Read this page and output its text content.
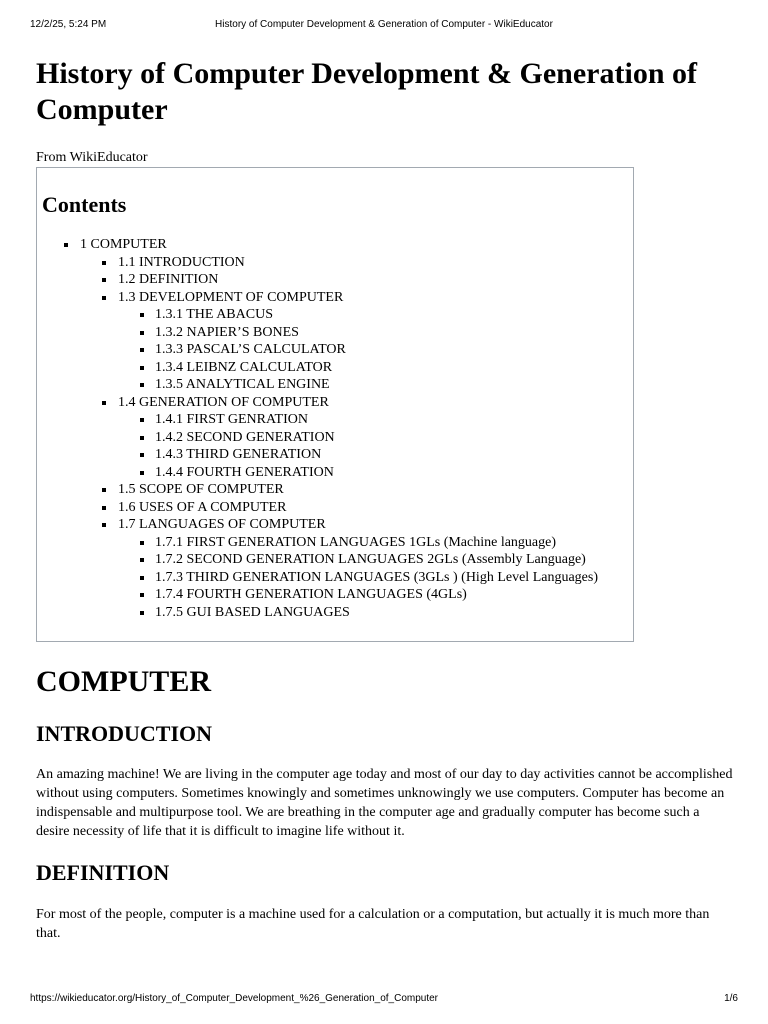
12/2/25, 5:24 PM	History of Computer Development & Generation of Computer - WikiEducator
History of Computer Development & Generation of Computer

From WikiEducator

Contents
1 COMPUTER
1.1 INTRODUCTION
1.2 DEFINITION
1.3 DEVELOPMENT OF COMPUTER
1.3.1 THE ABACUS
1.3.2 NAPIER’S BONES
1.3.3 PASCAL’S CALCULATOR
1.3.4 LEIBNZ CALCULATOR
1.3.5 ANALYTICAL ENGINE
1.4 GENERATION OF COMPUTER
1.4.1 FIRST GENRATION
1.4.2 SECOND GENERATION
1.4.3 THIRD GENERATION
1.4.4 FOURTH GENERATION
1.5 SCOPE OF COMPUTER
1.6 USES OF A COMPUTER
1.7 LANGUAGES OF COMPUTER
1.7.1 FIRST GENERATION LANGUAGES 1GLs (Machine language)
1.7.2 SECOND GENERATION LANGUAGES 2GLs (Assembly Language)
1.7.3 THIRD GENERATION LANGUAGES (3GLs ) (High Level Languages)
1.7.4 FOURTH GENERATION LANGUAGES (4GLs)
1.7.5 GUI BASED LANGUAGES
COMPUTER
INTRODUCTION

An amazing machine! We are living in the computer age today and most of our day to day activities cannot be accomplished without using computers. Sometimes knowingly and sometimes unknowingly we use computers. Computer has become an indispensable and multipurpose tool. We are breathing in the computer age and gradually computer has become such a desire necessity of life that it is difficult to imagine life without it.

DEFINITION

For most of the people, computer is a machine used for a calculation or a computation, but actually it is much more than that.

https://wikieducator.org/History_of_Computer_Development_%26_Generation_of_Computer	1/6
